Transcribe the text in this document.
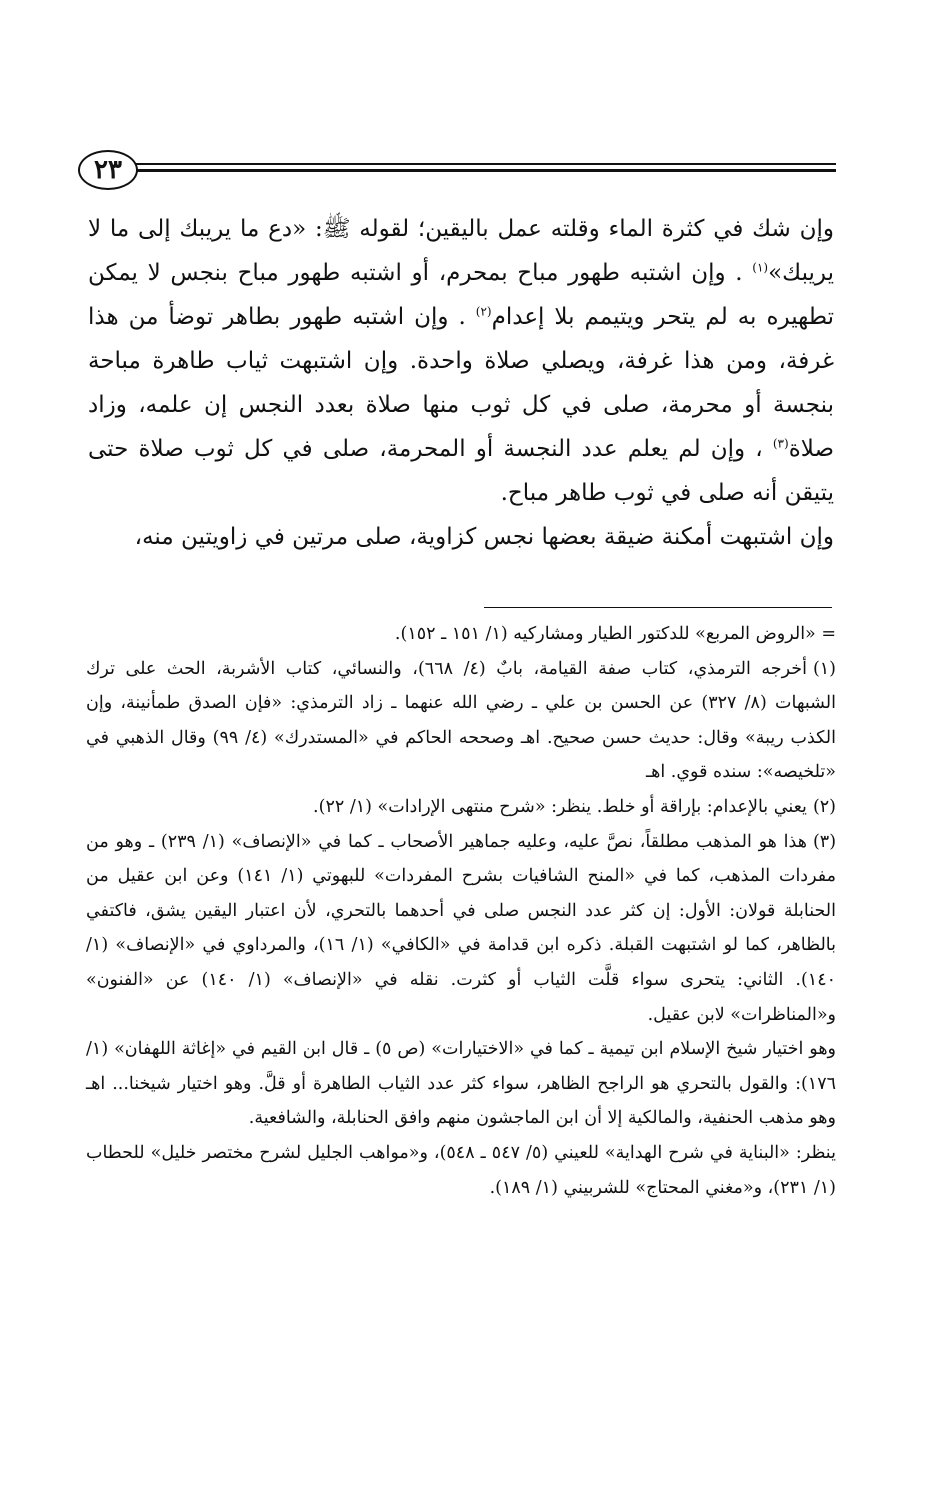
٢٣

وإن شك في كثرة الماء وقلته عمل باليقين؛ لقوله ﷺ: «دع ما يريبك إلى ما لا يريبك»$^{(١)}$ . وإن اشتبه طهور مباح بمحرم، أو اشتبه طهور مباح بنجس لا يمكن تطهيره به لم يتحر ويتيمم بلا إعدام$^{(٢)}$ . وإن اشتبه طهور بطاهر توضأ من هذا غرفة، ومن هذا غرفة، ويصلي صلاة واحدة. وإن اشتبهت ثياب طاهرة مباحة بنجسة أو محرمة، صلى في كل ثوب منها صلاة بعدد النجس إن علمه، وزاد صلاة$^{(٣)}$ ، وإن لم يعلم عدد النجسة أو المحرمة، صلى في كل ثوب صلاة حتى يتيقن أنه صلى في ثوب طاهر مباح.

وإن اشتبهت أمكنة ضيقة بعضها نجس كزاوية، صلى مرتين في زاويتين منه،

= «الروض المربع» للدكتور الطيار ومشاركيه (١/ ١٥١ ـ ١٥٢).

(١)أخرجه الترمذي، كتاب صفة القيامة، بابٌ (٤/ ٦٦٨)، والنسائي، كتاب الأشربة، الحث على ترك الشبهات (٨/ ٣٢٧) عن الحسن بن علي ـ رضي الله عنهما ـ زاد الترمذي: «فإن الصدق طمأنينة، وإن الكذب ريبة» وقال: حديث حسن صحيح. اهـ وصححه الحاكم في «المستدرك» (٤/ ٩٩) وقال الذهبي في «تلخيصه»: سنده قوي. اهـ

(٢)يعني بالإعدام: بإراقة أو خلط. ينظر: «شرح منتهى الإرادات» (١/ ٢٢).

(٣)هذا هو المذهب مطلقاً، نصَّ عليه، وعليه جماهير الأصحاب ـ كما في «الإنصاف» (١/ ٢٣٩) ـ وهو من مفردات المذهب، كما في «المنح الشافيات بشرح المفردات» للبهوتي (١/ ١٤١) وعن ابن عقيل من الحنابلة قولان: الأول: إن كثر عدد النجس صلى في أحدهما بالتحري، لأن اعتبار اليقين يشق، فاكتفي بالظاهر، كما لو اشتبهت القبلة. ذكره ابن قدامة في «الكافي» (١/ ١٦)، والمرداوي في «الإنصاف» (١/ ١٤٠). الثاني: يتحرى سواء قلَّت الثياب أو كثرت. نقله في «الإنصاف» (١/ ١٤٠) عن «الفنون» و«المناظرات» لابن عقيل.

وهو اختيار شيخ الإسلام ابن تيمية ـ كما في «الاختيارات» (ص ٥) ـ قال ابن القيم في «إغاثة اللهفان» (١/ ١٧٦): والقول بالتحري هو الراجح الظاهر، سواء كثر عدد الثياب الطاهرة أو قلَّ. وهو اختيار شيخنا... اهـ وهو مذهب الحنفية، والمالكية إلا أن ابن الماجشون منهم وافق الحنابلة، والشافعية.

ينظر: «البناية في شرح الهداية» للعيني (٥/ ٥٤٧ ـ ٥٤٨)، و«مواهب الجليل لشرح مختصر خليل» للحطاب (١/ ٢٣١)، و«مغني المحتاج» للشربيني (١/ ١٨٩).
